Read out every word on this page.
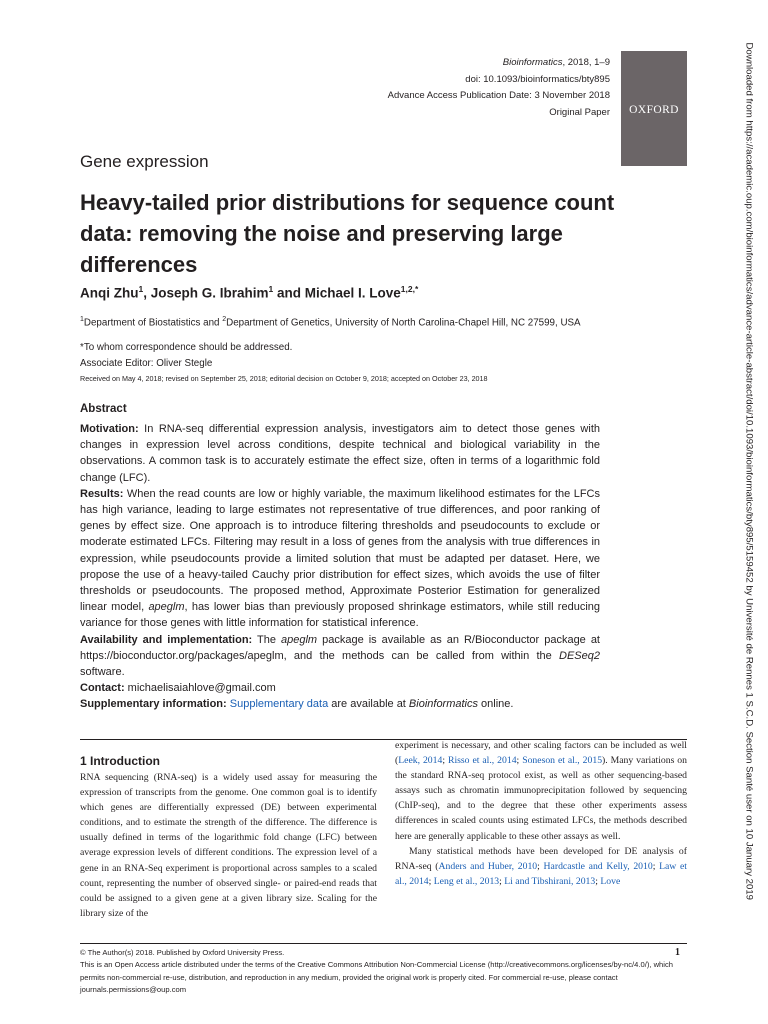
Bioinformatics, 2018, 1–9
doi: 10.1093/bioinformatics/bty895
Advance Access Publication Date: 3 November 2018
Original Paper	OXFORD	Downloaded from https://academic.oup.com/bioinformatics/advance-article-abstract/doi/10.1093/bioinformatics/bty895/5159452 by Université de Rennes 1 S.C.D. Section Santé user on 10 January 2019
Gene expression
Heavy-tailed prior distributions for sequence count data: removing the noise and preserving large differences
Anqi Zhu$^1$, Joseph G. Ibrahim$^1$ and Michael I. Love$^{1,2,*}$
$^1$Department of Biostatistics and $^2$Department of Genetics, University of North Carolina-Chapel Hill, NC 27599, USA
*To whom correspondence should be addressed.
Associate Editor: Oliver Stegle
Received on May 4, 2018; revised on September 25, 2018; editorial decision on October 9, 2018; accepted on October 23, 2018
Abstract

Motivation: In RNA-seq differential expression analysis, investigators aim to detect those genes with changes in expression level across conditions, despite technical and biological variability in the observations. A common task is to accurately estimate the effect size, often in terms of a logarithmic fold change (LFC).

Results: When the read counts are low or highly variable, the maximum likelihood estimates for the LFCs has high variance, leading to large estimates not representative of true differences, and poor ranking of genes by effect size. One approach is to introduce filtering thresholds and pseudocounts to exclude or moderate estimated LFCs. Filtering may result in a loss of genes from the analysis with true differences in expression, while pseudocounts provide a limited solution that must be adapted per dataset. Here, we propose the use of a heavy-tailed Cauchy prior distribution for effect sizes, which avoids the use of filter thresholds or pseudocounts. The proposed method, Approximate Posterior Estimation for generalized linear model, apeglm, has lower bias than previously proposed shrinkage estimators, while still reducing variance for those genes with little information for statistical inference.

Availability and implementation: The apeglm package is available as an R/Bioconductor package at https://bioconductor.org/packages/apeglm, and the methods can be called from within the DESeq2 software.

Contact: michaelisaiahlove@gmail.com

Supplementary information: Supplementary data are available at Bioinformatics online.

1 Introduction

RNA sequencing (RNA-seq) is a widely used assay for measuring the expression of transcripts from the genome. One common goal is to identify which genes are differentially expressed (DE) between experimental conditions, and to estimate the strength of the difference. The difference is usually defined in terms of the logarithmic fold change (LFC) between average expression levels of different conditions. The expression level of a gene in an RNA-Seq experiment is proportional across samples to a scaled count, representing the number of observed single- or paired-end reads that could be assigned to a given gene at a given library size. Scaling for the library size of the

experiment is necessary, and other scaling factors can be included as well (Leek, 2014; Risso et al., 2014; Soneson et al., 2015). Many variations on the standard RNA-seq protocol exist, as well as other sequencing-based assays such as chromatin immunoprecipitation followed by sequencing (ChIP-seq), and to the degree that these other experiments assess differences in scaled counts using estimated LFCs, the methods described here are generally applicable to these other assays as well.

Many statistical methods have been developed for DE analysis of RNA-seq (Anders and Huber, 2010; Hardcastle and Kelly, 2010; Law et al., 2014; Leng et al., 2013; Li and Tibshirani, 2013; Love

© The Author(s) 2018. Published by Oxford University Press.
This is an Open Access article distributed under the terms of the Creative Commons Attribution Non-Commercial License (http://creativecommons.org/licenses/by-nc/4.0/), which permits non-commercial re-use, distribution, and reproduction in any medium, provided the original work is properly cited. For commercial re-use, please contact journals.permissions@oup.com
1
